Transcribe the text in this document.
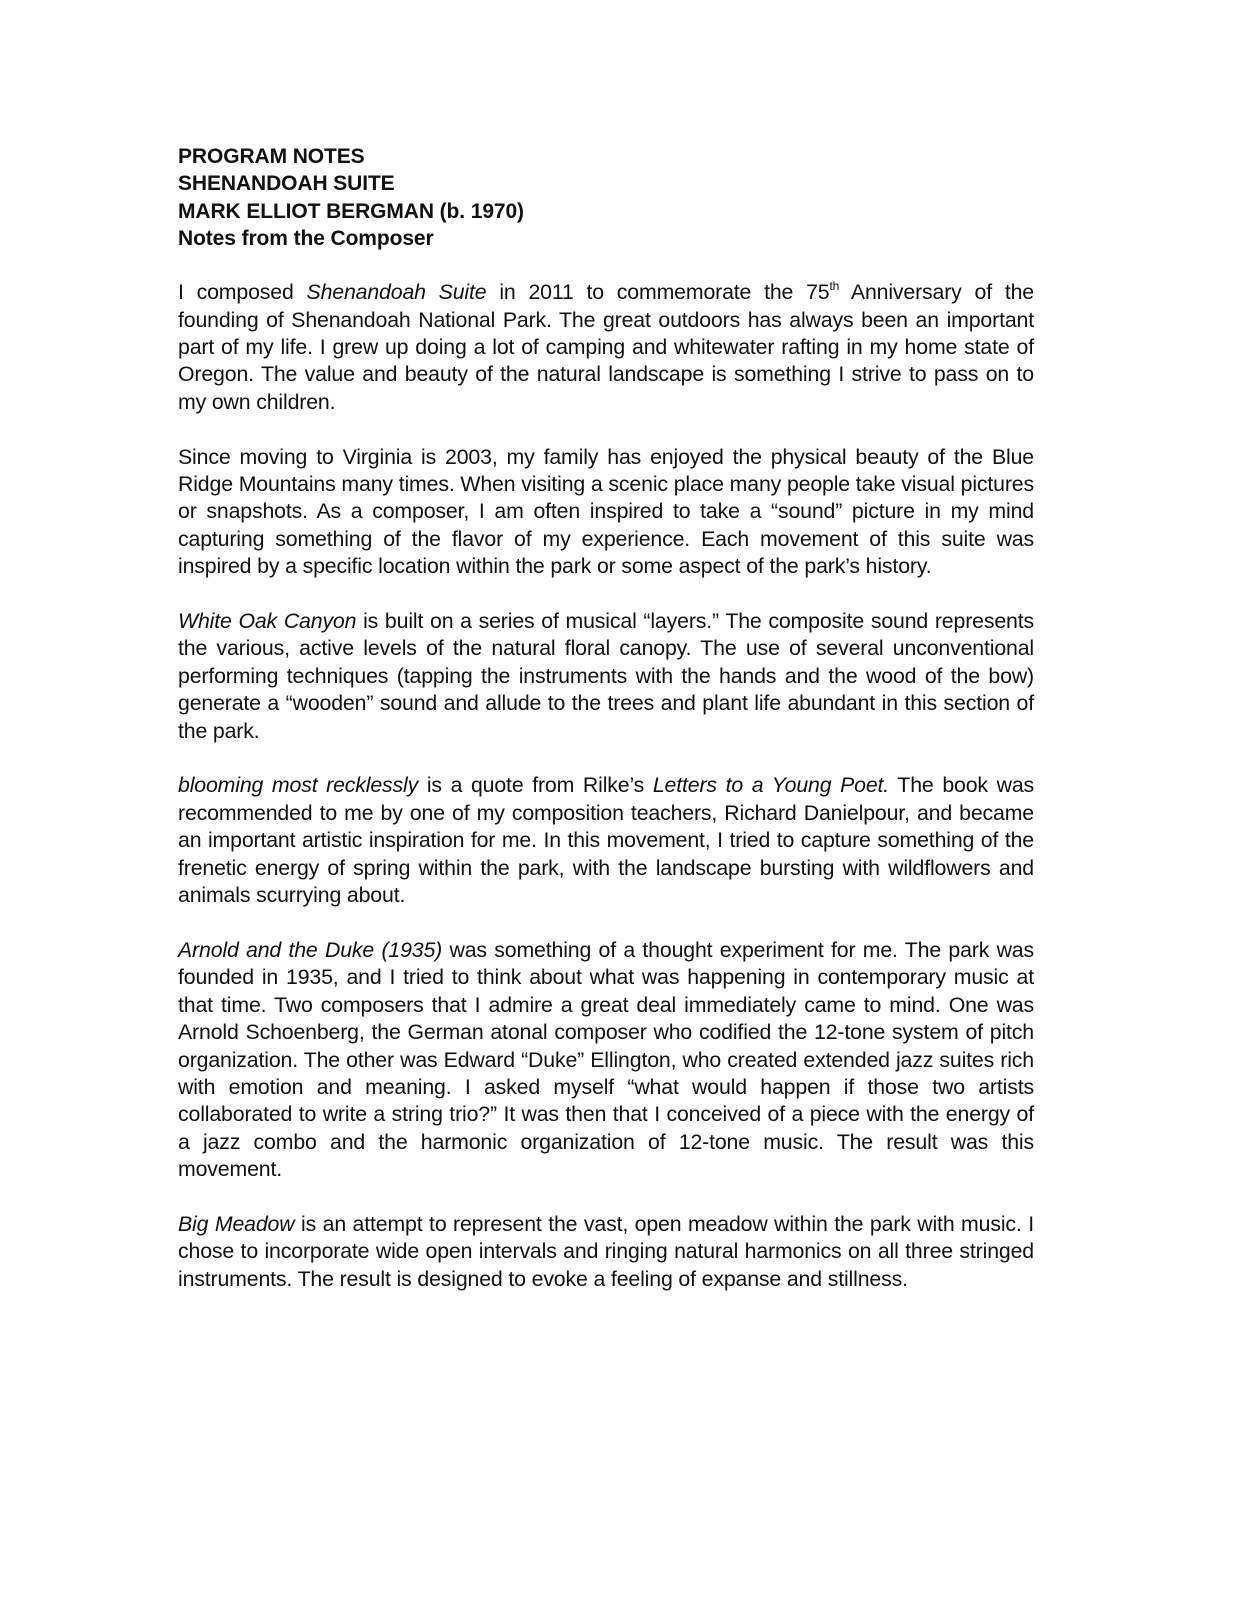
PROGRAM NOTES
SHENANDOAH SUITE
MARK ELLIOT BERGMAN (b. 1970)
Notes from the Composer

I composed Shenandoah Suite in 2011 to commemorate the 75th Anniversary of the founding of Shenandoah National Park. The great outdoors has always been an important part of my life. I grew up doing a lot of camping and whitewater rafting in my home state of Oregon. The value and beauty of the natural landscape is something I strive to pass on to my own children.

Since moving to Virginia is 2003, my family has enjoyed the physical beauty of the Blue Ridge Mountains many times. When visiting a scenic place many people take visual pictures or snapshots. As a composer, I am often inspired to take a “sound” picture in my mind capturing something of the flavor of my experience. Each movement of this suite was inspired by a specific location within the park or some aspect of the park’s history.

White Oak Canyon is built on a series of musical “layers.” The composite sound represents the various, active levels of the natural floral canopy. The use of several unconventional performing techniques (tapping the instruments with the hands and the wood of the bow) generate a “wooden” sound and allude to the trees and plant life abundant in this section of the park.

blooming most recklessly is a quote from Rilke’s Letters to a Young Poet. The book was recommended to me by one of my composition teachers, Richard Danielpour, and became an important artistic inspiration for me. In this movement, I tried to capture something of the frenetic energy of spring within the park, with the landscape bursting with wildflowers and animals scurrying about.

Arnold and the Duke (1935) was something of a thought experiment for me. The park was founded in 1935, and I tried to think about what was happening in contemporary music at that time. Two composers that I admire a great deal immediately came to mind. One was Arnold Schoenberg, the German atonal composer who codified the 12-tone system of pitch organization. The other was Edward “Duke” Ellington, who created extended jazz suites rich with emotion and meaning. I asked myself “what would happen if those two artists collaborated to write a string trio?” It was then that I conceived of a piece with the energy of a jazz combo and the harmonic organization of 12-tone music. The result was this movement.

Big Meadow is an attempt to represent the vast, open meadow within the park with music. I chose to incorporate wide open intervals and ringing natural harmonics on all three stringed instruments. The result is designed to evoke a feeling of expanse and stillness.
